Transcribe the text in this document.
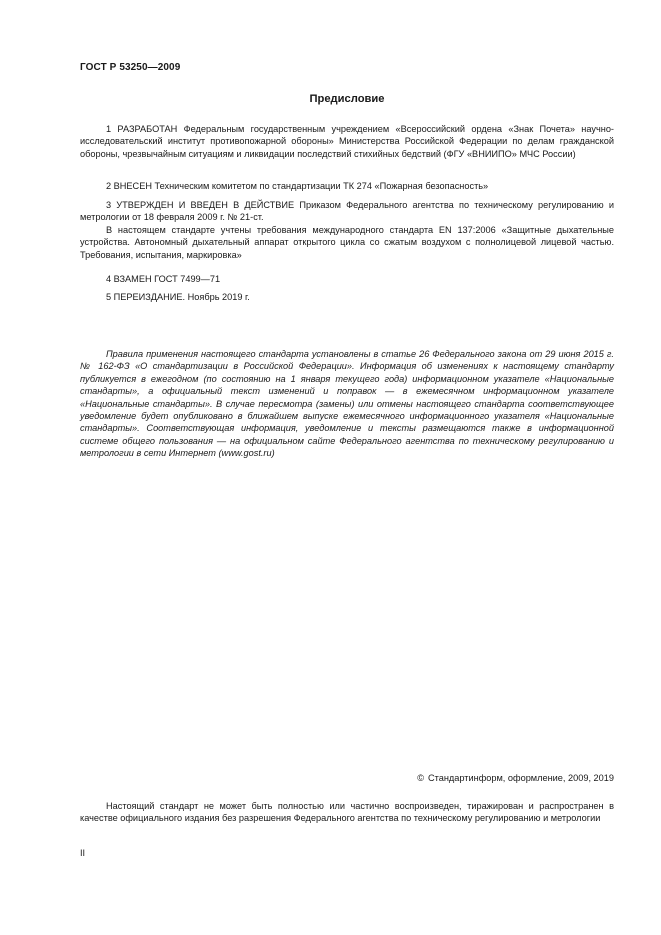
ГОСТ Р 53250—2009
Предисловие

1 РАЗРАБОТАН Федеральным государственным учреждением «Всероссийский ордена «Знак Почета» научно-исследовательский институт противопожарной обороны» Министерства Российской Федерации по делам гражданской обороны, чрезвычайным ситуациям и ликвидации последствий стихийных бедствий (ФГУ «ВНИИПО» МЧС России)

2 ВНЕСЕН Техническим комитетом по стандартизации ТК 274 «Пожарная безопасность»

3 УТВЕРЖДЕН И ВВЕДЕН В ДЕЙСТВИЕ Приказом Федерального агентства по техническому регулированию и метрологии от 18 февраля 2009 г. № 21-ст.

В настоящем стандарте учтены требования международного стандарта EN 137:2006 «Защитные дыхательные устройства. Автономный дыхательный аппарат открытого цикла со сжатым воздухом с полнолицевой лицевой частью. Требования, испытания, маркировка»

4 ВЗАМЕН ГОСТ 7499—71

5 ПЕРЕИЗДАНИЕ. Ноябрь 2019 г.

Правила применения настоящего стандарта установлены в статье 26 Федерального закона от 29 июня 2015 г. № 162-ФЗ «О стандартизации в Российской Федерации». Информация об изменениях к настоящему стандарту публикуется в ежегодном (по состоянию на 1 января текущего года) информационном указателе «Национальные стандарты», а официальный текст изменений и поправок — в ежемесячном информационном указателе «Национальные стандарты». В случае пересмотра (замены) или отмены настоящего стандарта соответствующее уведомление будет опубликовано в ближайшем выпуске ежемесячного информационного указателя «Национальные стандарты». Соответствующая информация, уведомление и тексты размещаются также в информационной системе общего пользования — на официальном сайте Федерального агентства по техническому регулированию и метрологии в сети Интернет (www.gost.ru)

© Стандартинформ, оформление, 2009, 2019

Настоящий стандарт не может быть полностью или частично воспроизведен, тиражирован и распространен в качестве официального издания без разрешения Федерального агентства по техническому регулированию и метрологии

II
